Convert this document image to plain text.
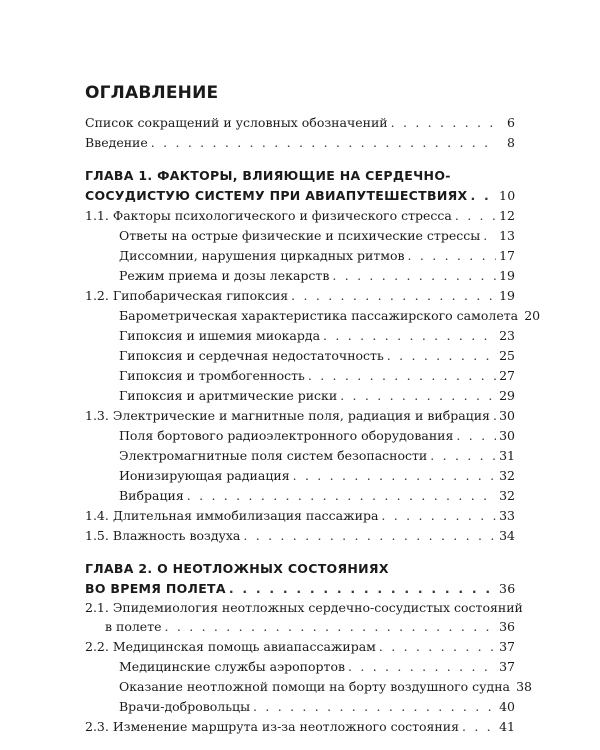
ОГЛАВЛЕНИЕ
Список сокращений и условных обозначений . . .	6
Введение . . .	8
ГЛАВА 1. ФАКТОРЫ, ВЛИЯЮЩИЕ НА СЕРДЕЧНО-
СОСУДИСТУЮ СИСТЕМУ ПРИ АВИАПУТЕШЕСТВИЯХ . . .	10
1.1. Факторы психологического и физического стресса . . .	12
Ответы на острые физические и психические стрессы . . . 13
Диссомнии, нарушения циркадных ритмов . . .	17
Режим приема и дозы лекарств . . .	19
1.2. Гипобарическая гипоксия . . .	19
Барометрическая характеристика пассажирского самолета 20
Гипоксия и ишемия миокарда . . .	23
Гипоксия и сердечная недостаточность . . .	25
Гипоксия и тромбогенность . . .	27
Гипоксия и аритмические риски . . .	29
1.3. Электрические и магнитные поля, радиация и вибрация . . . 30
Поля бортового радиоэлектронного оборудования . . .	30
Электромагнитные поля систем безопасности . . .	31
Ионизирующая радиация . . .	32
Вибрация . . .	32
1.4. Длительная иммобилизация пассажира . . .	33
1.5. Влажность воздуха . . .	34
ГЛАВА 2. О НЕОТЛОЖНЫХ СОСТОЯНИЯХ
ВО ВРЕМЯ ПОЛЕТА . . .	36
2.1. Эпидемиология неотложных сердечно-сосудистых состояний
в полете . . .	36
2.2. Медицинская помощь авиапассажирам . . .	37
Медицинские службы аэропортов . . .	37
Оказание неотложной помощи на борту воздушного судна 38
Врачи-добровольцы . . .	40
2.3. Изменение маршрута из-за неотложного состояния . . .	41
